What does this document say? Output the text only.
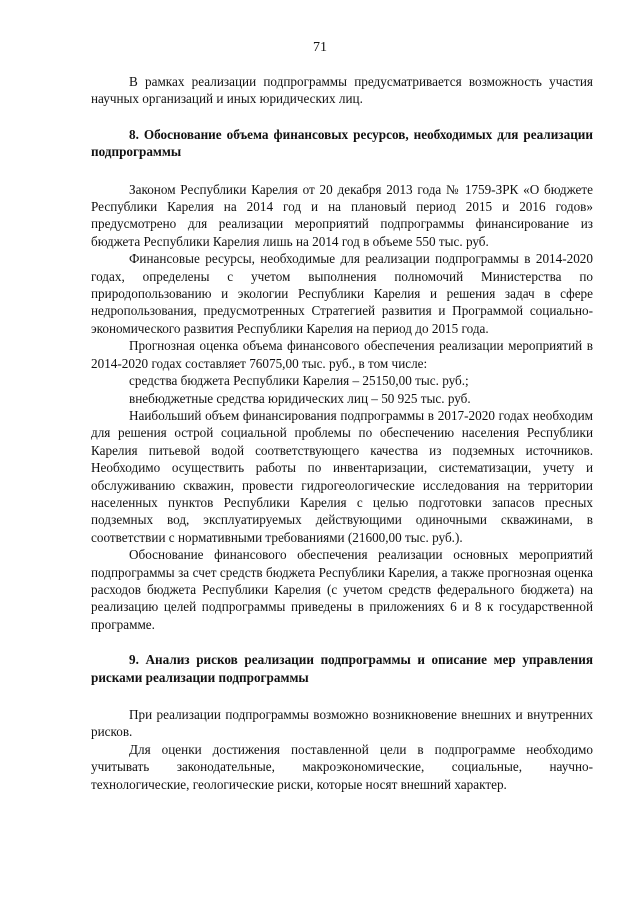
71

В рамках реализации подпрограммы предусматривается возможность участия научных организаций и иных юридических лиц.

8. Обоснование объема финансовых ресурсов, необходимых для реализации подпрограммы

Законом Республики Карелия от 20 декабря 2013 года № 1759-ЗРК «О бюджете Республики Карелия на 2014 год и на плановый период 2015 и 2016 годов» предусмотрено для реализации мероприятий подпрограммы финансирование из бюджета Республики Карелия лишь на 2014 год в объеме 550 тыс. руб.

Финансовые ресурсы, необходимые для реализации подпрограммы в 2014-2020 годах, определены с учетом выполнения полномочий Министерства по природопользованию и экологии Республики Карелия и решения задач в сфере недропользования, предусмотренных Стратегией развития и Программой социально-экономического развития Республики Карелия на период до 2015 года.

Прогнозная оценка объема финансового обеспечения реализации мероприятий в 2014-2020 годах составляет 76075,00 тыс. руб., в том числе:

средства бюджета Республики Карелия – 25150,00 тыс. руб.;

внебюджетные средства юридических лиц – 50 925 тыс. руб.

Наибольший объем финансирования подпрограммы в 2017-2020 годах необходим для решения острой социальной проблемы по обеспечению населения Республики Карелия питьевой водой соответствующего качества из подземных источников. Необходимо осуществить работы по инвентаризации, систематизации, учету и обслуживанию скважин, провести гидрогеологические исследования на территории населенных пунктов Республики Карелия с целью подготовки запасов пресных подземных вод, эксплуатируемых действующими одиночными скважинами, в соответствии с нормативными требованиями (21600,00 тыс. руб.).

Обоснование финансового обеспечения реализации основных мероприятий подпрограммы за счет средств бюджета Республики Карелия, а также прогнозная оценка расходов бюджета Республики Карелия (с учетом средств федерального бюджета) на реализацию целей подпрограммы приведены в приложениях 6 и 8 к государственной программе.

9. Анализ рисков реализации подпрограммы и описание мер управления рисками реализации подпрограммы

При реализации подпрограммы возможно возникновение внешних и внутренних рисков.

Для оценки достижения поставленной цели в подпрограмме необходимо учитывать законодательные, макроэкономические, социальные, научно-технологические, геологические риски, которые носят внешний характер.
